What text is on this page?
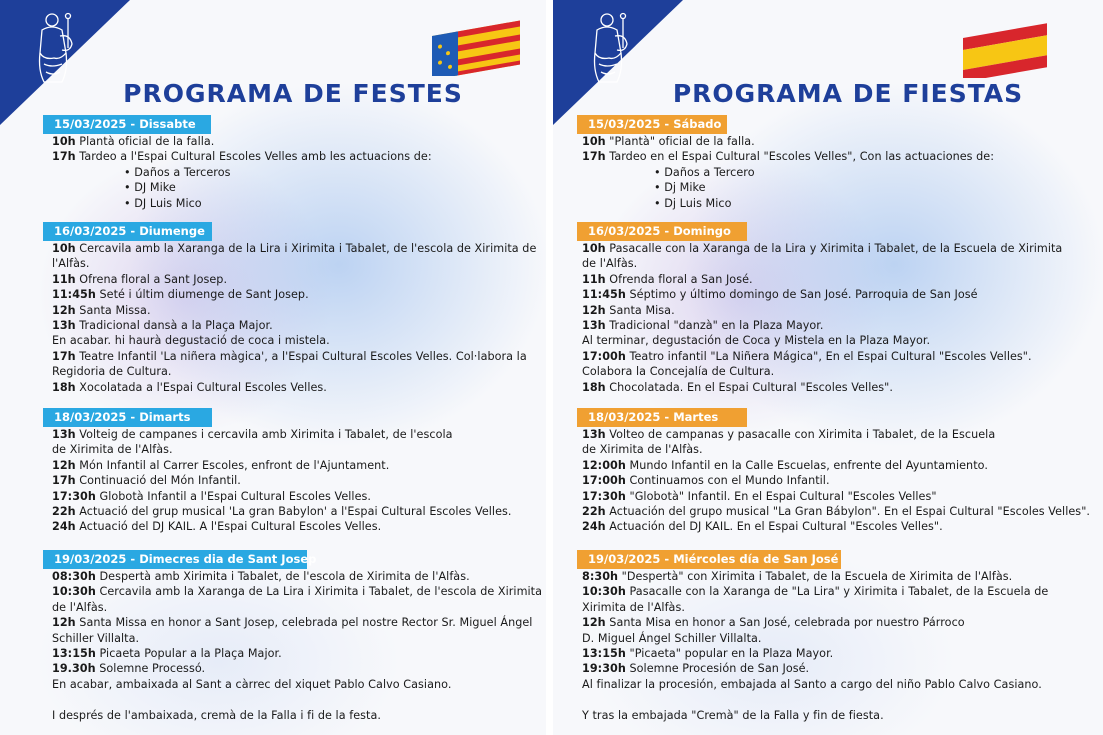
PROGRAMA DE FESTES
15/03/2025 - Dissabte
10h Plantà oficial de la falla.
17h Tardeo a l'Espai Cultural Escoles Velles amb les actuacions de:
• Daños a Terceros
• DJ Mike
• DJ Luis Mico
16/03/2025 - Diumenge
10h Cercavila amb la Xaranga de la Lira i Xirimita i Tabalet, de l'escola de Xirimita de
l'Alfàs.
11h Ofrena floral a Sant Josep.
11:45h Seté i últim diumenge de Sant Josep.
12h Santa Missa.
13h Tradicional dansà a la Plaça Major.
En acabar. hi haurà degustació de coca i mistela.
17h Teatre Infantil 'La niñera màgica', a l'Espai Cultural Escoles Velles. Col·labora la
Regidoria de Cultura.
18h Xocolatada a l'Espai Cultural Escoles Velles.
18/03/2025 - Dimarts
13h Volteig de campanes i cercavila amb Xirimita i Tabalet, de l'escola
de Xirimita de l'Alfàs.
12h Món Infantil al Carrer Escoles, enfront de l'Ajuntament.
17h Continuació del Món Infantil.
17:30h Globotà Infantil a l'Espai Cultural Escoles Velles.
22h Actuació del grup musical 'La gran Babylon' a l'Espai Cultural Escoles Velles.
24h Actuació del DJ KAIL. A l'Espai Cultural Escoles Velles.
19/03/2025 - Dimecres dia de Sant Josep
08:30h Despertà amb Xirimita i Tabalet, de l'escola de Xirimita de l'Alfàs.
10:30h Cercavila amb la Xaranga de La Lira i Xirimita i Tabalet, de l'escola de Xirimita
de l'Alfàs.
12h Santa Missa en honor a Sant Josep, celebrada pel nostre Rector Sr. Miguel Ángel
Schiller Villalta.
13:15h Picaeta Popular a la Plaça Major.
19.30h Solemne Processó.
En acabar, ambaixada al Sant a càrrec del xiquet Pablo Calvo Casiano.
I després de l'ambaixada, cremà de la Falla i fi de la festa.
PROGRAMA DE FIESTAS
15/03/2025 - Sábado
10h "Plantà" oficial de la falla.
17h Tardeo en el Espai Cultural "Escoles Velles", Con las actuaciones de:
• Daños a Tercero
• Dj Mike
• Dj Luis Mico
16/03/2025 - Domingo
10h Pasacalle con la Xaranga de la Lira y Xirimita i Tabalet, de la Escuela de Xirimita
de l'Alfàs.
11h Ofrenda floral a San José.
11:45h Séptimo y último domingo de San José. Parroquia de San José
12h Santa Misa.
13h Tradicional "danzà" en la Plaza Mayor.
Al terminar, degustación de Coca y Mistela en la Plaza Mayor.
17:00h Teatro infantil "La Niñera Mágica", En el Espai Cultural "Escoles Velles".
Colabora la Concejalía de Cultura.
18h Chocolatada. En el Espai Cultural "Escoles Velles".
18/03/2025 - Martes
13h Volteo de campanas y pasacalle con Xirimita i Tabalet, de la Escuela
de Xirimita de l'Alfàs.
12:00h Mundo Infantil en la Calle Escuelas, enfrente del Ayuntamiento.
17:00h Continuamos con el Mundo Infantil.
17:30h "Globotà" Infantil. En el Espai Cultural "Escoles Velles"
22h Actuación del grupo musical "La Gran Bábylon". En el Espai Cultural "Escoles Velles".
24h Actuación del DJ KAIL. En el Espai Cultural "Escoles Velles".
19/03/2025 - Miércoles día de San José
8:30h "Despertà" con Xirimita i Tabalet, de la Escuela de Xirimita de l'Alfàs.
10:30h Pasacalle con la Xaranga de "La Lira" y Xirimita i Tabalet, de la Escuela de
Xirimita de l'Alfàs.
12h Santa Misa en honor a San José, celebrada por nuestro Párroco
D. Miguel Ángel Schiller Villalta.
13:15h "Picaeta" popular en la Plaza Mayor.
19:30h Solemne Procesión de San José.
Al finalizar la procesión, embajada al Santo a cargo del niño Pablo Calvo Casiano.
Y tras la embajada "Cremà" de la Falla y fin de fiesta.
